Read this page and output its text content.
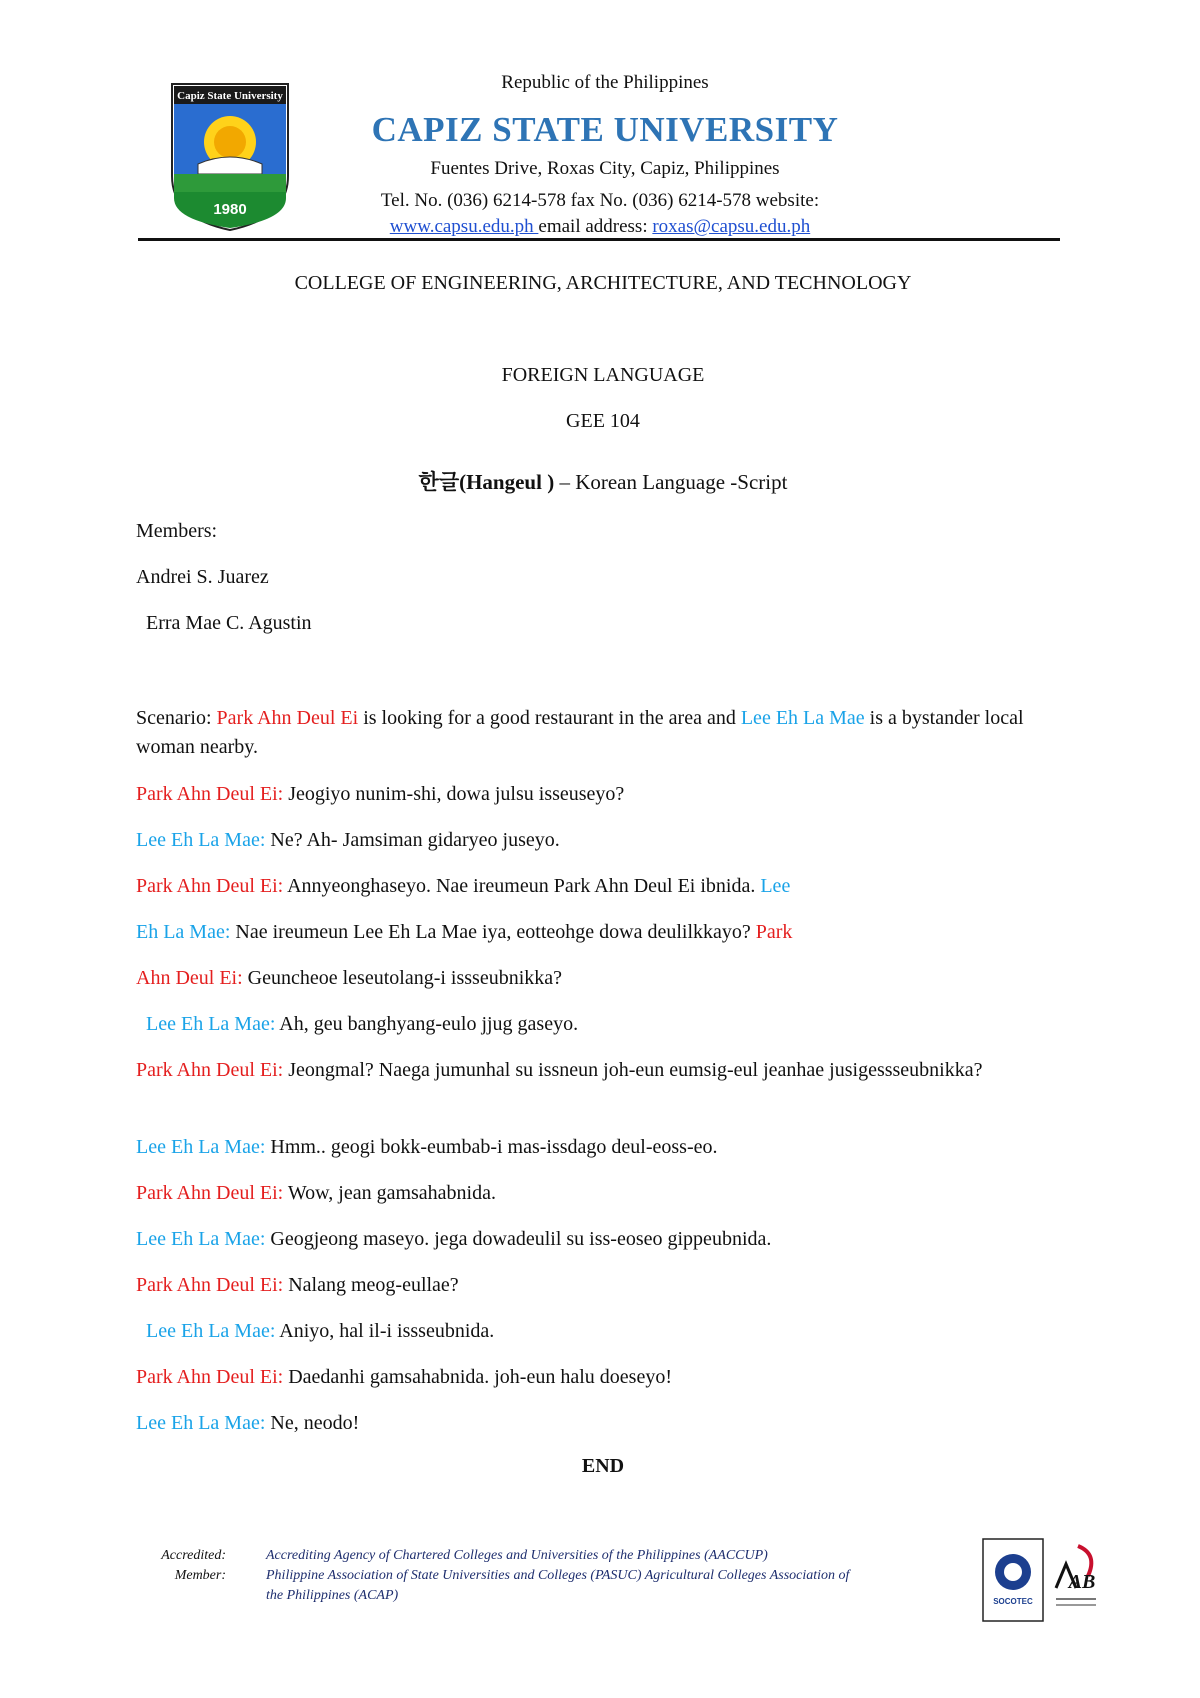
Capiz State University
1980
Republic of the Philippines
CAPIZ STATE UNIVERSITY
Fuentes Drive, Roxas City, Capiz, Philippines
Tel. No. (036) 6214-578 fax No. (036) 6214-578 website:
www.capsu.edu.ph email address: roxas@capsu.edu.ph
COLLEGE OF ENGINEERING, ARCHITECTURE, AND TECHNOLOGY
FOREIGN LANGUAGE
GEE 104
한글(Hangeul ) – Korean Language -Script
Members:
Andrei S. Juarez
Erra Mae C. Agustin
Scenario: Park Ahn Deul Ei is looking for a good restaurant in the area and Lee Eh La Mae is a bystander local woman nearby.
Park Ahn Deul Ei: Jeogiyo nunim-shi, dowa julsu isseuseyo?
Lee Eh La Mae: Ne? Ah- Jamsiman gidaryeo juseyo.
Park Ahn Deul Ei: Annyeonghaseyo. Nae ireumeun Park Ahn Deul Ei ibnida. Lee
Eh La Mae: Nae ireumeun Lee Eh La Mae iya, eotteohge dowa deulilkkayo? Park
Ahn Deul Ei: Geuncheoe leseutolang-i issseubnikka?
Lee Eh La Mae: Ah, geu banghyang-eulo jjug gaseyo.
Park Ahn Deul Ei: Jeongmal? Naega jumunhal su issneun joh-eun eumsig-eul jeanhae jusigessseubnikka?
Lee Eh La Mae: Hmm.. geogi bokk-eumbab-i mas-issdago deul-eoss-eo.
Park Ahn Deul Ei: Wow, jean gamsahabnida.
Lee Eh La Mae: Geogjeong maseyo. jega dowadeulil su iss-eoseo gippeubnida.
Park Ahn Deul Ei: Nalang meog-eullae?
Lee Eh La Mae: Aniyo, hal il-i issseubnida.
Park Ahn Deul Ei: Daedanhi gamsahabnida. joh-eun halu doeseyo!
Lee Eh La Mae: Ne, neodo!
END
Accredited:
Member:
Accrediting Agency of Chartered Colleges and Universities of the Philippines (AACCUP)
Philippine Association of State Universities and Colleges (PASUC) Agricultural Colleges Association of
the Philippines (ACAP)	SOCOTEC
AB
